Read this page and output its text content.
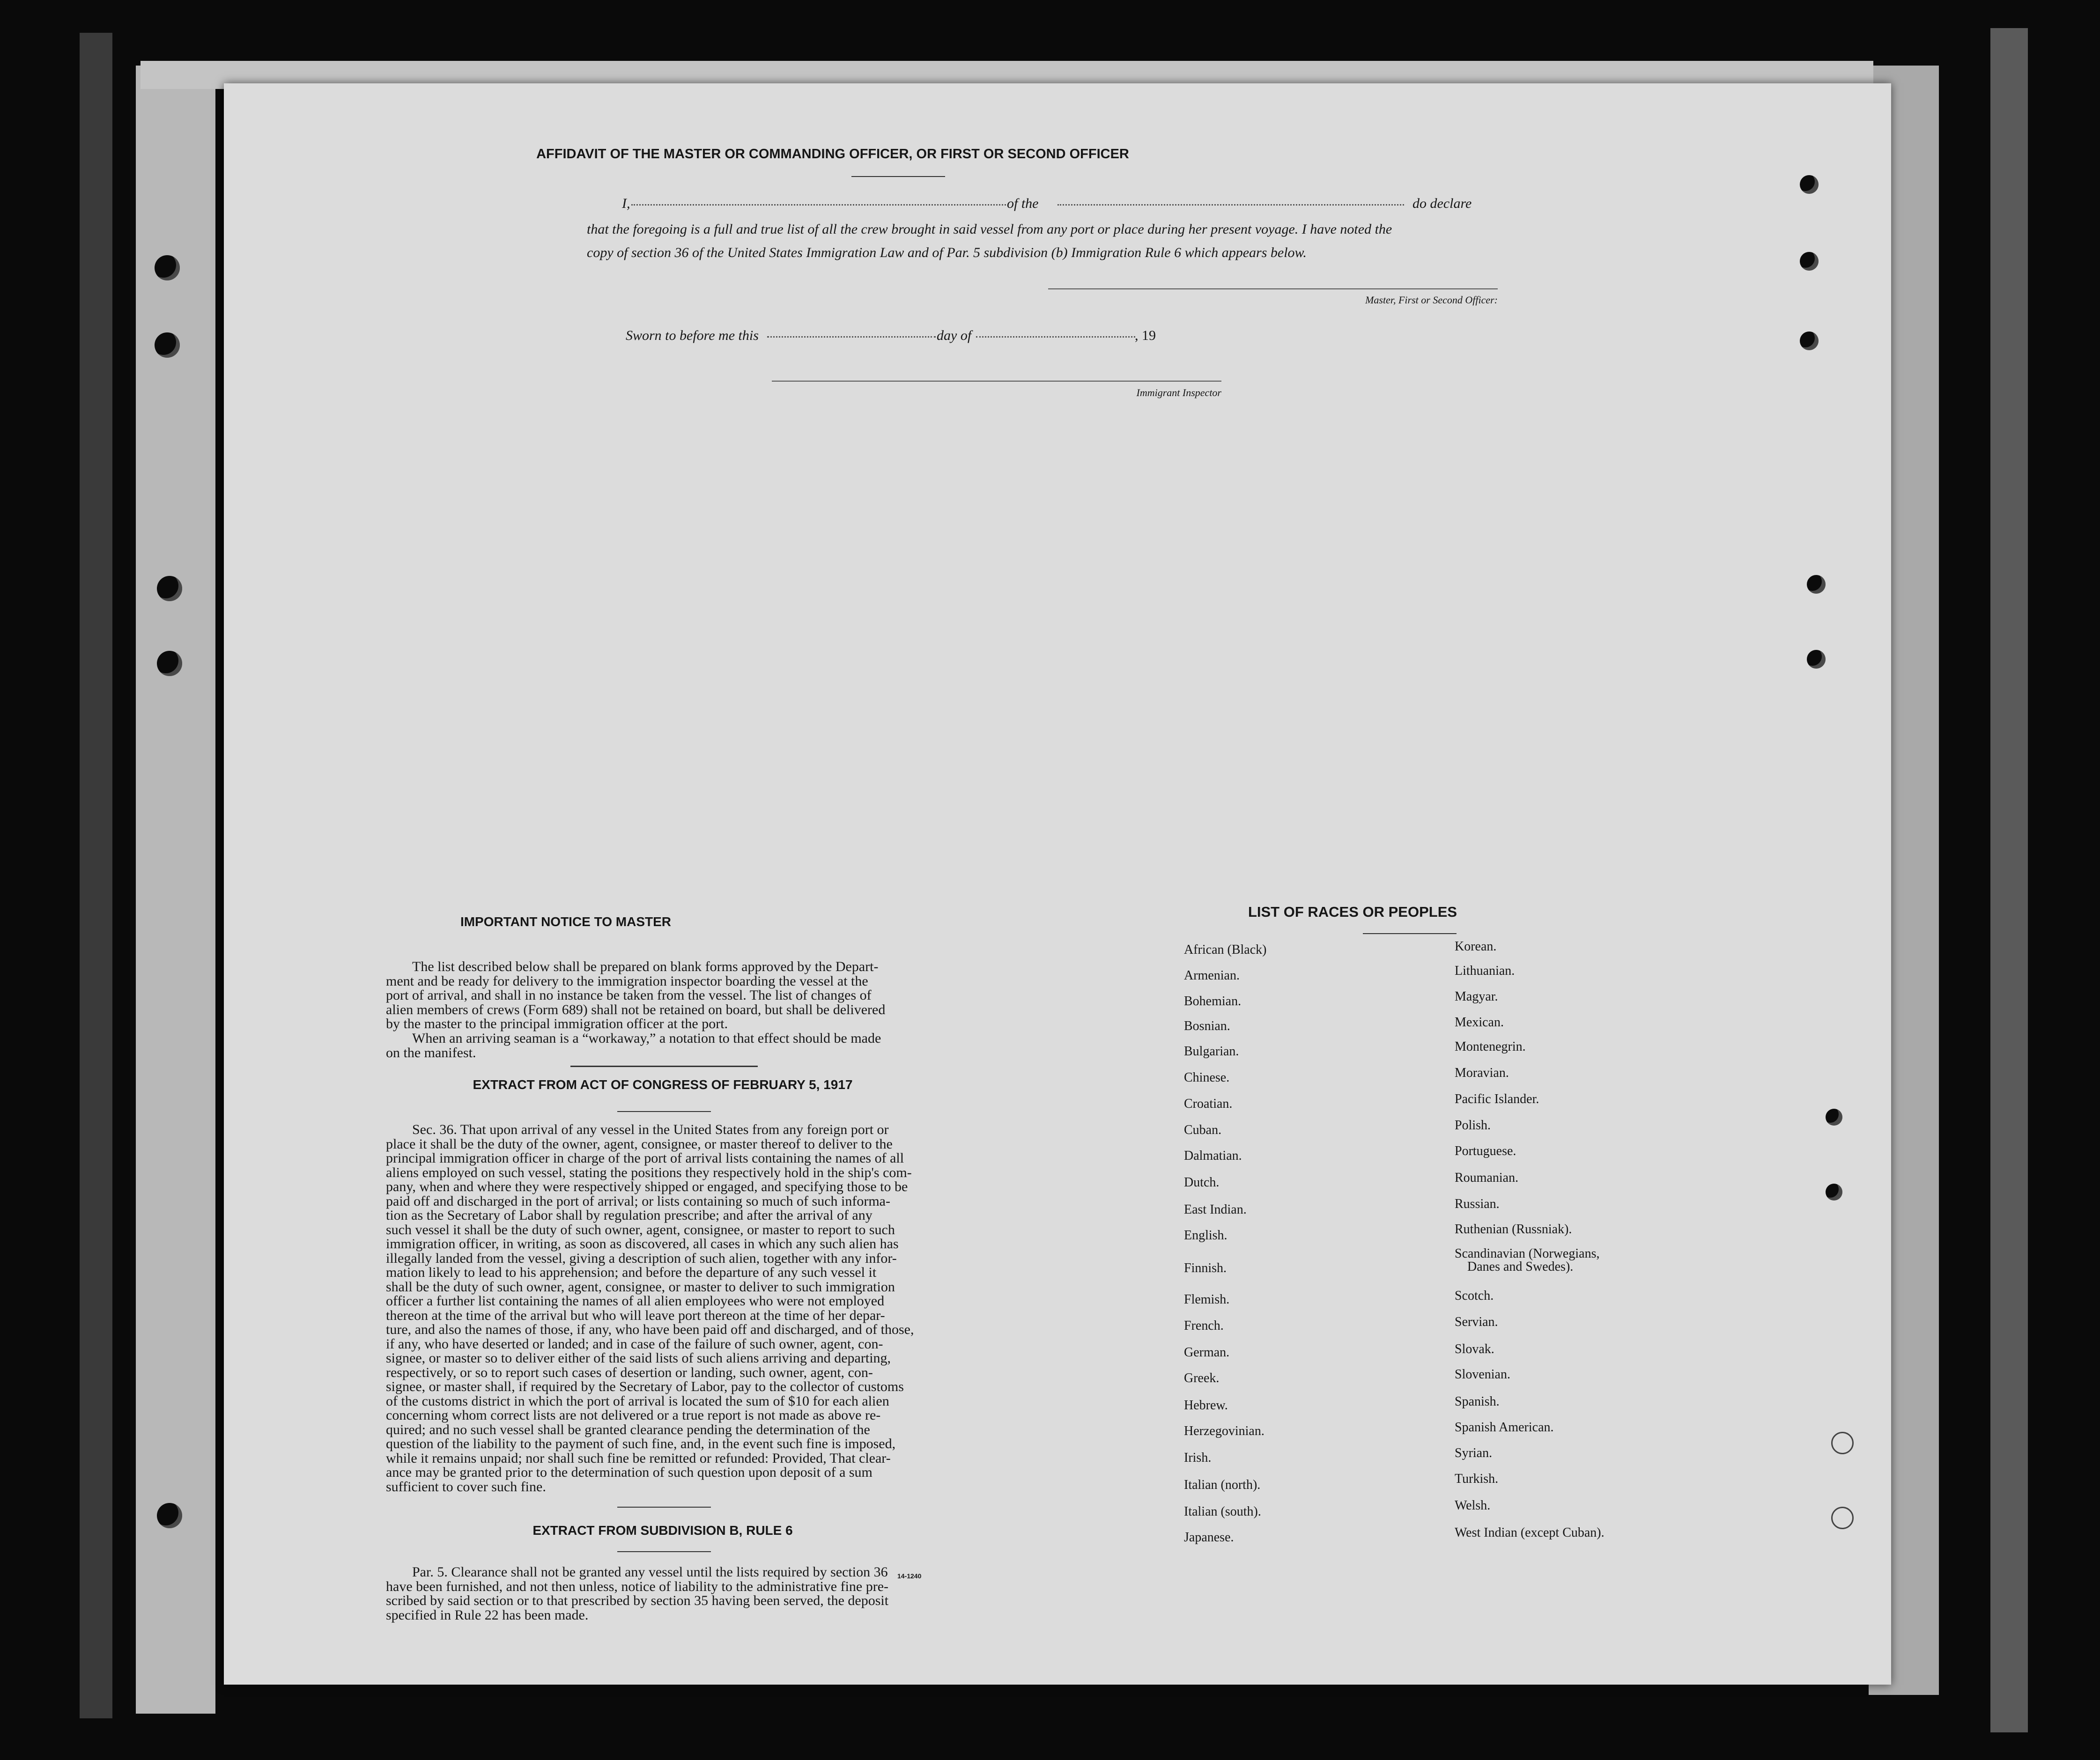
AFFIDAVIT OF THE MASTER OR COMMANDING OFFICER, OR FIRST OR SECOND OFFICER
I,	of the	do declare
that the foregoing is a full and true list of all the crew brought in said vessel from any port or place during her present voyage. I have noted the
copy of section 36 of the United States Immigration Law and of Par. 5 subdivision (b) Immigration Rule 6 which appears below.
Master, First or Second Officer:
Sworn to before me this	day of	, 19
Immigrant Inspector
IMPORTANT NOTICE TO MASTER
The list described below shall be prepared on blank forms approved by the Depart-
ment and be ready for delivery to the immigration inspector boarding the vessel at the
port of arrival, and shall in no instance be taken from the vessel. The list of changes of
alien members of crews (Form 689) shall not be retained on board, but shall be delivered
by the master to the principal immigration officer at the port.
When an arriving seaman is a “workaway,” a notation to that effect should be made
on the manifest.
EXTRACT FROM ACT OF CONGRESS OF FEBRUARY 5, 1917
Sec. 36. That upon arrival of any vessel in the United States from any foreign port or
place it shall be the duty of the owner, agent, consignee, or master thereof to deliver to the
principal immigration officer in charge of the port of arrival lists containing the names of all
aliens employed on such vessel, stating the positions they respectively hold in the ship's com-
pany, when and where they were respectively shipped or engaged, and specifying those to be
paid off and discharged in the port of arrival; or lists containing so much of such informa-
tion as the Secretary of Labor shall by regulation prescribe; and after the arrival of any
such vessel it shall be the duty of such owner, agent, consignee, or master to report to such
immigration officer, in writing, as soon as discovered, all cases in which any such alien has
illegally landed from the vessel, giving a description of such alien, together with any infor-
mation likely to lead to his apprehension; and before the departure of any such vessel it
shall be the duty of such owner, agent, consignee, or master to deliver to such immigration
officer a further list containing the names of all alien employees who were not employed
thereon at the time of the arrival but who will leave port thereon at the time of her depar-
ture, and also the names of those, if any, who have been paid off and discharged, and of those,
if any, who have deserted or landed; and in case of the failure of such owner, agent, con-
signee, or master so to deliver either of the said lists of such aliens arriving and departing,
respectively, or so to report such cases of desertion or landing, such owner, agent, con-
signee, or master shall, if required by the Secretary of Labor, pay to the collector of customs
of the customs district in which the port of arrival is located the sum of $10 for each alien
concerning whom correct lists are not delivered or a true report is not made as above re-
quired; and no such vessel shall be granted clearance pending the determination of the
question of the liability to the payment of such fine, and, in the event such fine is imposed,
while it remains unpaid; nor shall such fine be remitted or refunded: Provided, That clear-
ance may be granted prior to the determination of such question upon deposit of a sum
sufficient to cover such fine.
EXTRACT FROM SUBDIVISION B, RULE 6
Par. 5. Clearance shall not be granted any vessel until the lists required by section 36
have been furnished, and not then unless, notice of liability to the administrative fine pre-
scribed by said section or to that prescribed by section 35 having been served, the deposit
specified in Rule 22 has been made.
14-1240
LIST OF RACES OR PEOPLES
African (Black)
Armenian.
Bohemian.
Bosnian.
Bulgarian.
Chinese.
Croatian.
Cuban.
Dalmatian.
Dutch.
East Indian.
English.
Finnish.
Flemish.
French.
German.
Greek.
Hebrew.
Herzegovinian.
Irish.
Italian (north).
Italian (south).
Japanese.
Korean.
Lithuanian.
Magyar.
Mexican.
Montenegrin.
Moravian.
Pacific Islander.
Polish.
Portuguese.
Roumanian.
Russian.
Ruthenian (Russniak).
Scandinavian (Norwegians,
Danes and Swedes).
Scotch.
Servian.
Slovak.
Slovenian.
Spanish.
Spanish American.
Syrian.
Turkish.
Welsh.
West Indian (except Cuban).
